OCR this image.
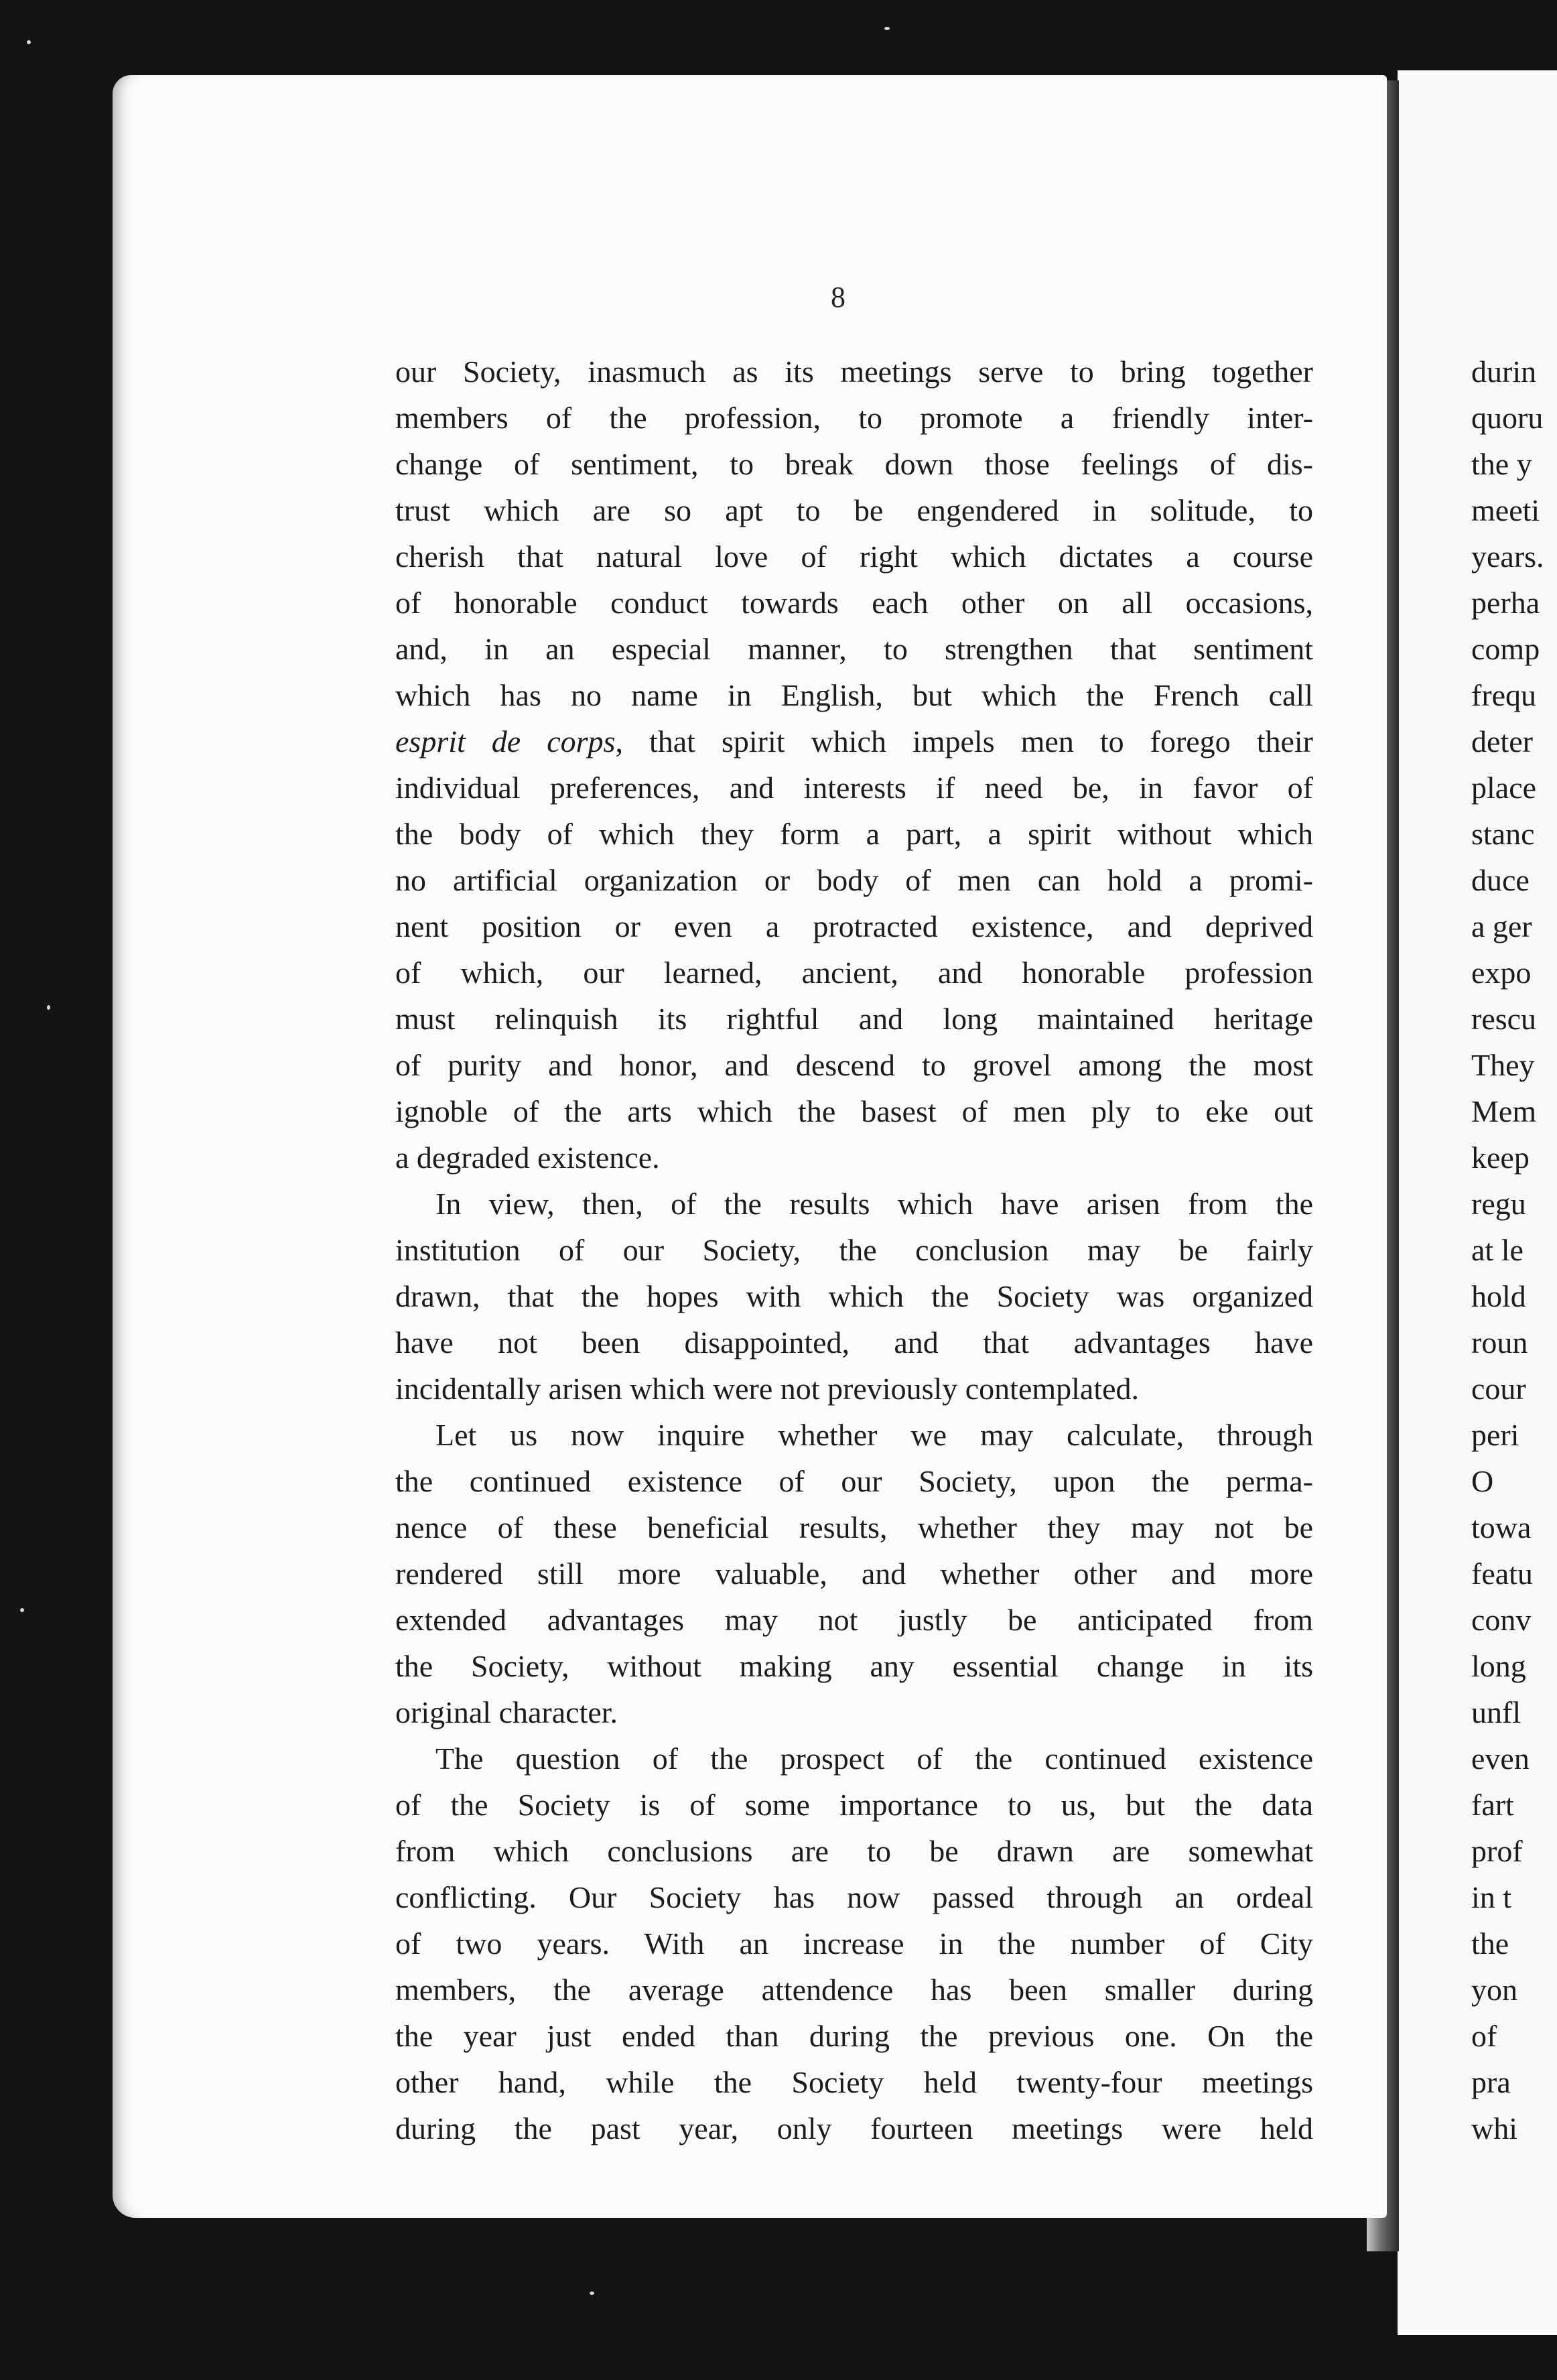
8
our Society, inasmuch as its meetings serve to bring together
members of the profession, to promote a friendly inter-
change of sentiment, to break down those feelings of dis-
trust which are so apt to be engendered in solitude, to
cherish that natural love of right which dictates a course
of honorable conduct towards each other on all occasions,
and, in an especial manner, to strengthen that sentiment
which has no name in English, but which the French call
esprit de corps, that spirit which impels men to forego their
individual preferences, and interests if need be, in favor of
the body of which they form a part, a spirit without which
no artificial organization or body of men can hold a promi-
nent position or even a protracted existence, and deprived
of which, our learned, ancient, and honorable profession
must relinquish its rightful and long maintained heritage
of purity and honor, and descend to grovel among the most
ignoble of the arts which the basest of men ply to eke out
a degraded existence.
In view, then, of the results which have arisen from the
institution of our Society, the conclusion may be fairly
drawn, that the hopes with which the Society was organized
have not been disappointed, and that advantages have
incidentally arisen which were not previously contemplated.
Let us now inquire whether we may calculate, through
the continued existence of our Society, upon the perma-
nence of these beneficial results, whether they may not be
rendered still more valuable, and whether other and more
extended advantages may not justly be anticipated from
the Society, without making any essential change in its
original character.
The question of the prospect of the continued existence
of the Society is of some importance to us, but the data
from which conclusions are to be drawn are somewhat
conflicting. Our Society has now passed through an ordeal
of two years. With an increase in the number of City
members, the average attendence has been smaller during
the year just ended than during the previous one. On the
other hand, while the Society held twenty-four meetings
during the past year, only fourteen meetings were held
durin
quoru
the y
meeti
years.
perha
comp
frequ
deter
place
stanc
duce
a ger
expo
rescu
They
Mem
keep
regu
at le
hold
roun
cour
peri
O
towa
featu
conv
long
unfl
even
fart
prof
in t
the
yon
of
pra
whi
